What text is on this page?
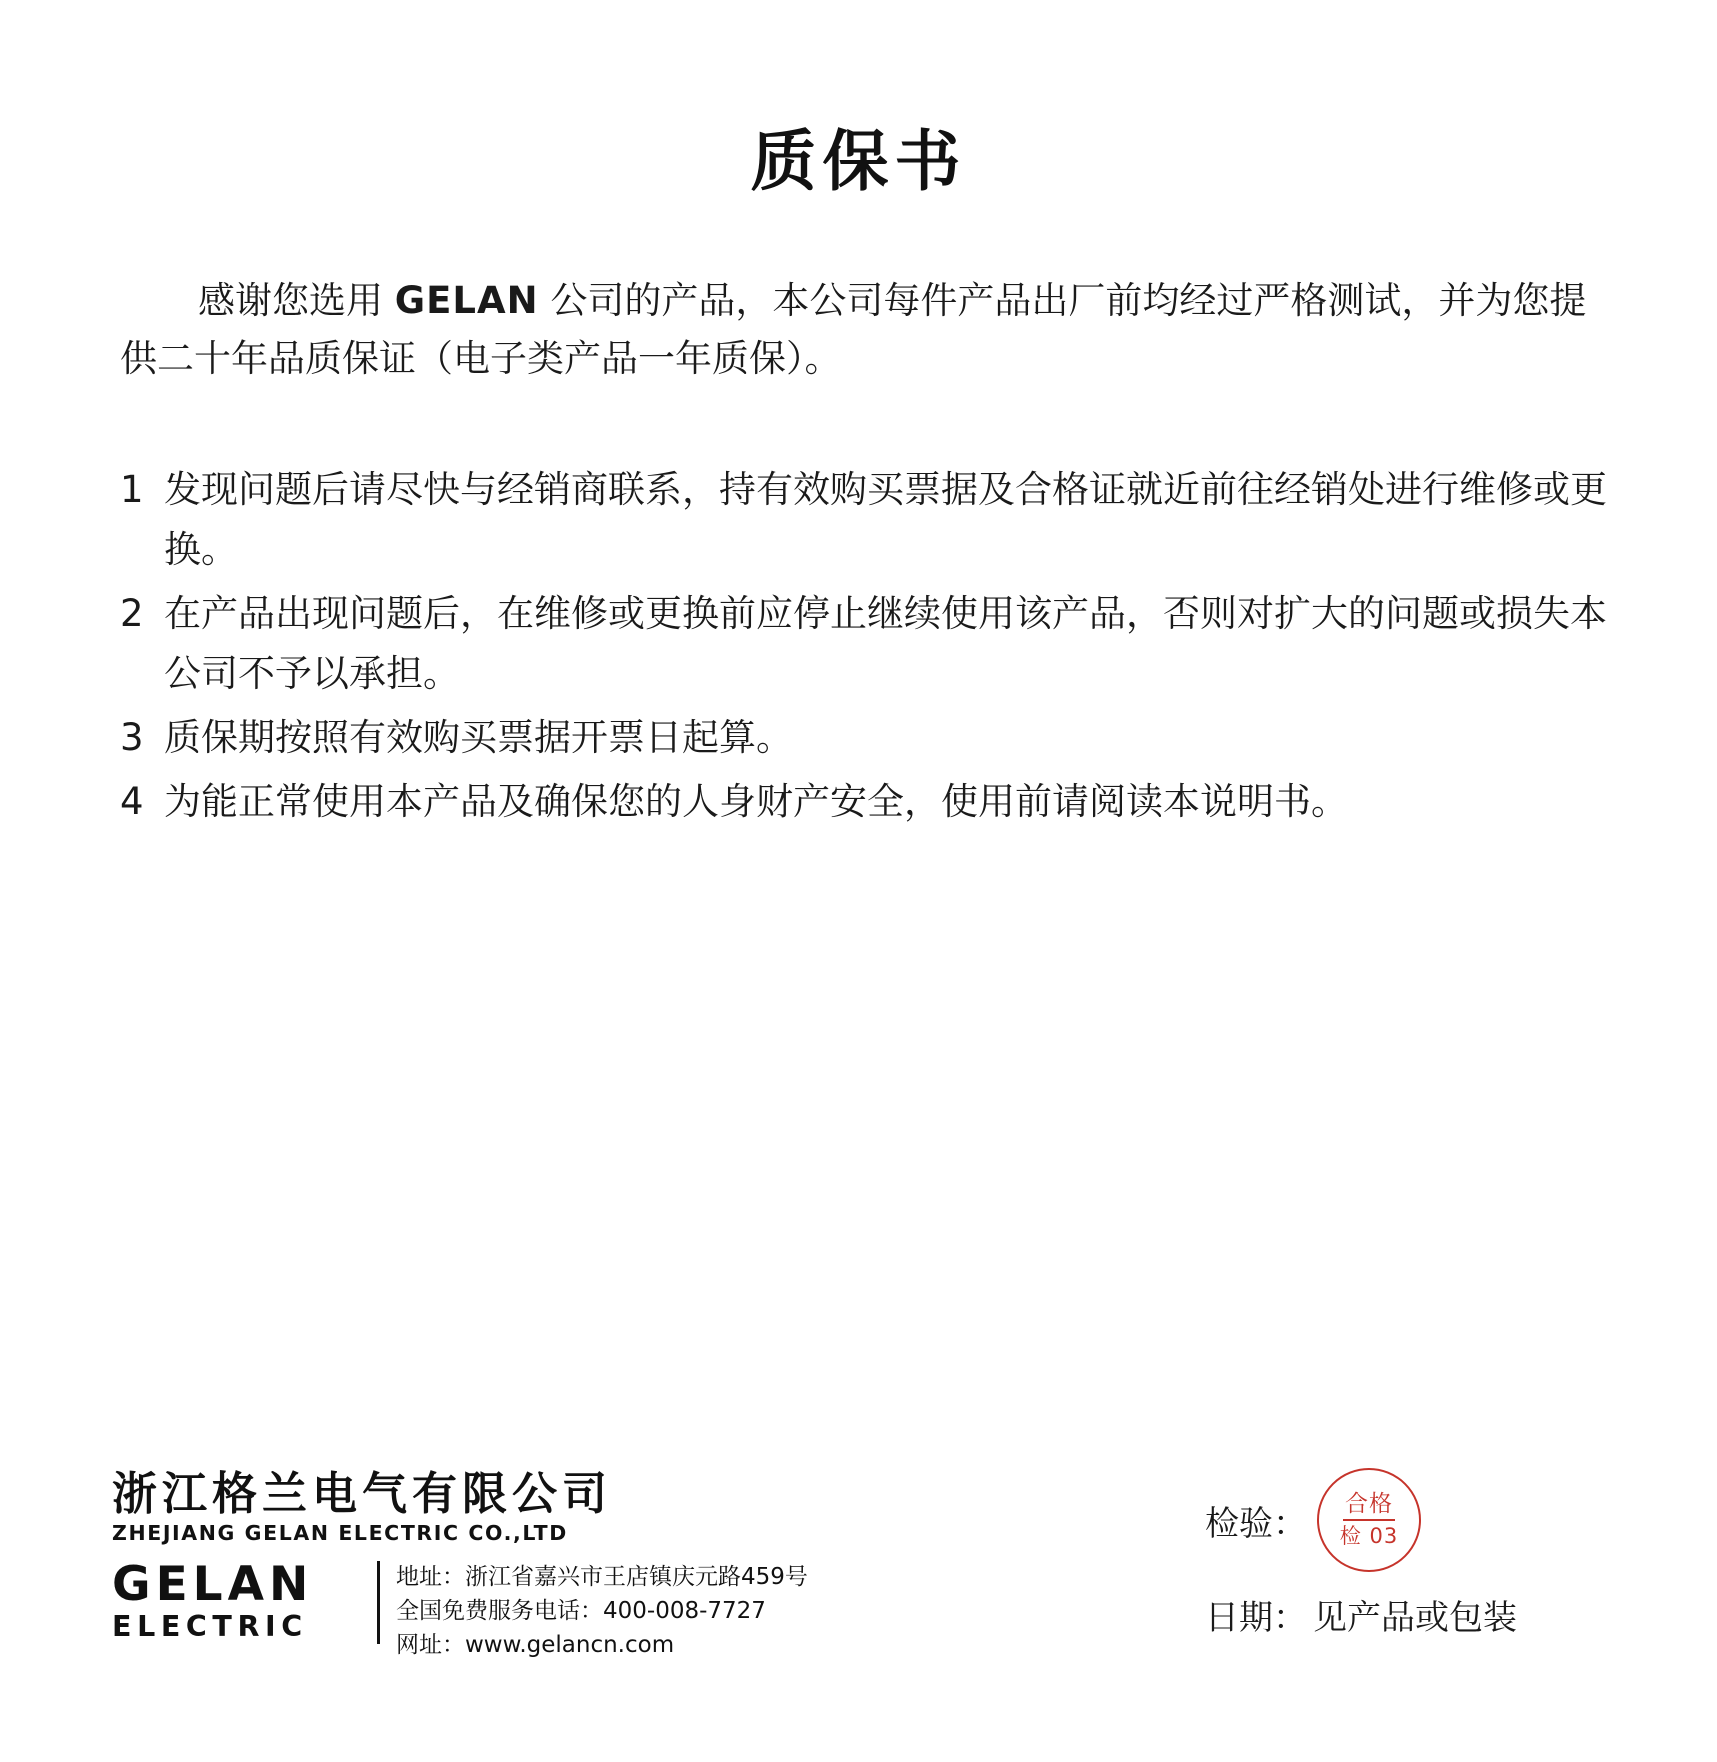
质保书
感谢您选用 GELAN 公司的产品，本公司每件产品出厂前均经过严格测试，并为您提供二十年品质保证（电子类产品一年质保）。
1 发现问题后请尽快与经销商联系，持有效购买票据及合格证就近前往经销处进行维修或更换。
2 在产品出现问题后，在维修或更换前应停止继续使用该产品，否则对扩大的问题或损失本公司不予以承担。
3 质保期按照有效购买票据开票日起算。
4 为能正常使用本产品及确保您的人身财产安全，使用前请阅读本说明书。
浙江格兰电气有限公司
ZHEJIANG GELAN ELECTRIC CO.,LTD
GELAN
ELECTRIC
地址：浙江省嘉兴市王店镇庆元路459号
全国免费服务电话：400-008-7727
网址：www.gelancn.com
检验： 合格
检 03
日期： 见产品或包装
